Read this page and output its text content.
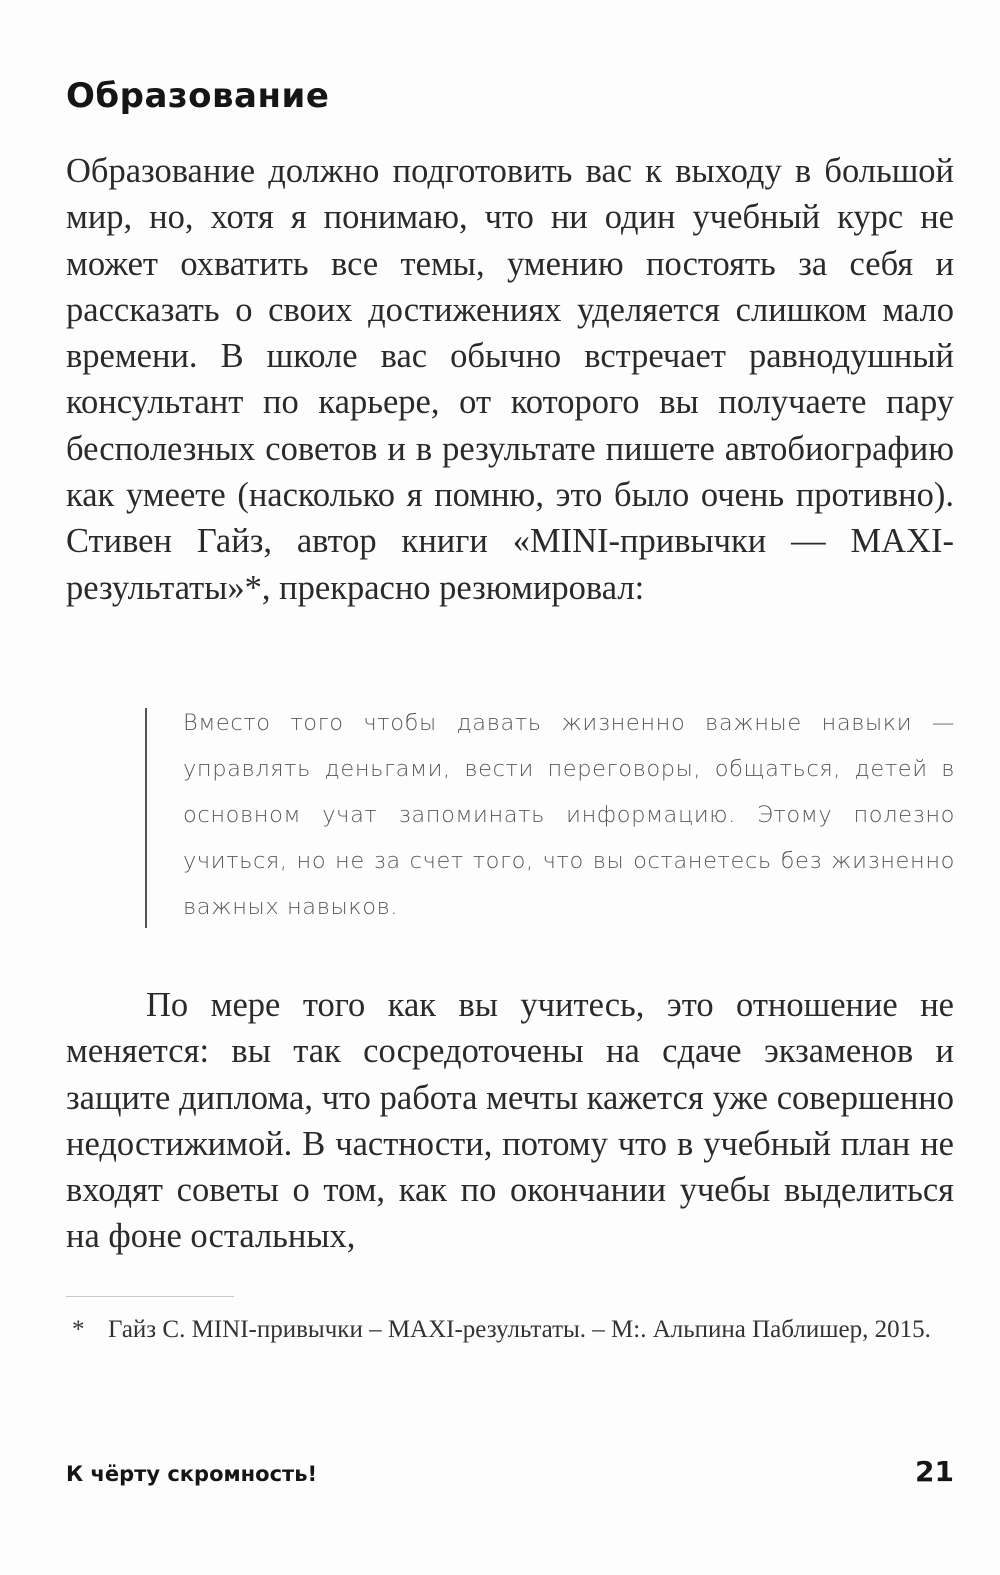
Образование

Образование должно подготовить вас к выходу в большой мир, но, хотя я понимаю, что ни один учебный курс не может охватить все темы, умению постоять за себя и рассказать о своих достижениях уделяется слишком мало времени. В школе вас обычно встречает равнодушный консультант по карьере, от которого вы получаете пару бесполезных советов и в результате пишете автобиографию как умеете (насколько я помню, это было очень противно). Стивен Гайз, автор книги «MINI-привычки — MAXI-результаты»*, прекрасно резюмировал:

Вместо того чтобы давать жизненно важные навыки — управлять деньгами, вести переговоры, общаться, детей в основном учат запоминать информацию. Этому полезно учиться, но не за счет того, что вы останетесь без жизненно важных навыков.

По мере того как вы учитесь, это отношение не меняется: вы так сосредоточены на сдаче экзаменов и защите диплома, что работа мечты кажется уже совершенно недостижимой. В частности, потому что в учебный план не входят советы о том, как по окончании учебы выделиться на фоне остальных,

* Гайз С. MINI-привычки – MAXI-результаты. – М:. Альпина Паблишер, 2015.

К чёрту скромность!	21
